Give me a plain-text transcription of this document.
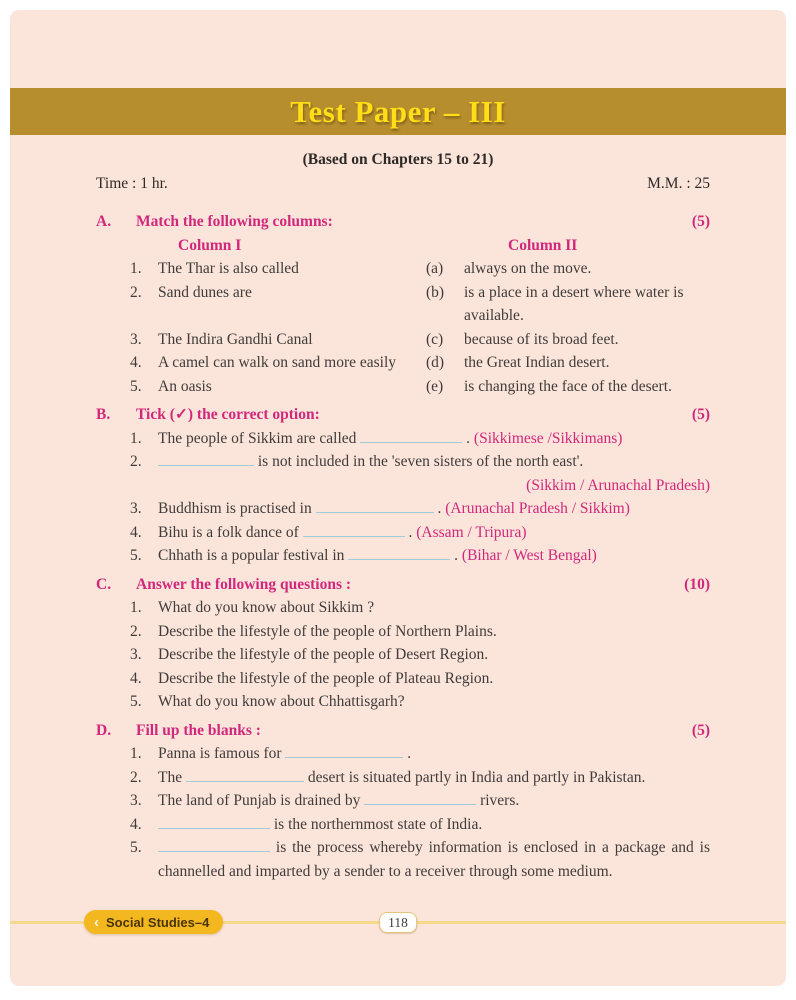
Test Paper – III
(Based on Chapters 15 to 21)
Time : 1 hr.	M.M. : 25
A.	Match the following columns:	(5)
Column I	Column II
1.	The Thar is also called	(a)	always on the move.
2.	Sand dunes are	(b)	is a place in a desert where water is available.
3.	The Indira Gandhi Canal	(c)	because of its broad feet.
4.	A camel can walk on sand more easily	(d)	the Great Indian desert.
5.	An oasis	(e)	is changing the face of the desert.
B.	Tick (✓) the correct option:	(5)
1.	The people of Sikkim are called	. (Sikkimese /Sikkimans)
2.	is not included in the 'seven sisters of the north east'.
(Sikkim / Arunachal Pradesh)
3.	Buddhism is practised in	. (Arunachal Pradesh / Sikkim)
4.	Bihu is a folk dance of	. (Assam / Tripura)
5.	Chhath is a popular festival in	. (Bihar / West Bengal)
C.	Answer the following questions :	(10)
1.	What do you know about Sikkim ?
2.	Describe the lifestyle of the people of Northern Plains.
3.	Describe the lifestyle of the people of Desert Region.
4.	Describe the lifestyle of the people of Plateau Region.
5.	What do you know about Chhattisgarh?
D.	Fill up the blanks :	(5)
1.	Panna is famous for	.
2.	The	desert is situated partly in India and partly in Pakistan.
3.	The land of Punjab is drained by	rivers.
4.	is the northernmost state of India.
5.	is the process whereby information is enclosed in a package and is channelled and imparted by a sender to a receiver through some medium.
‹ Social Studies–4	118
